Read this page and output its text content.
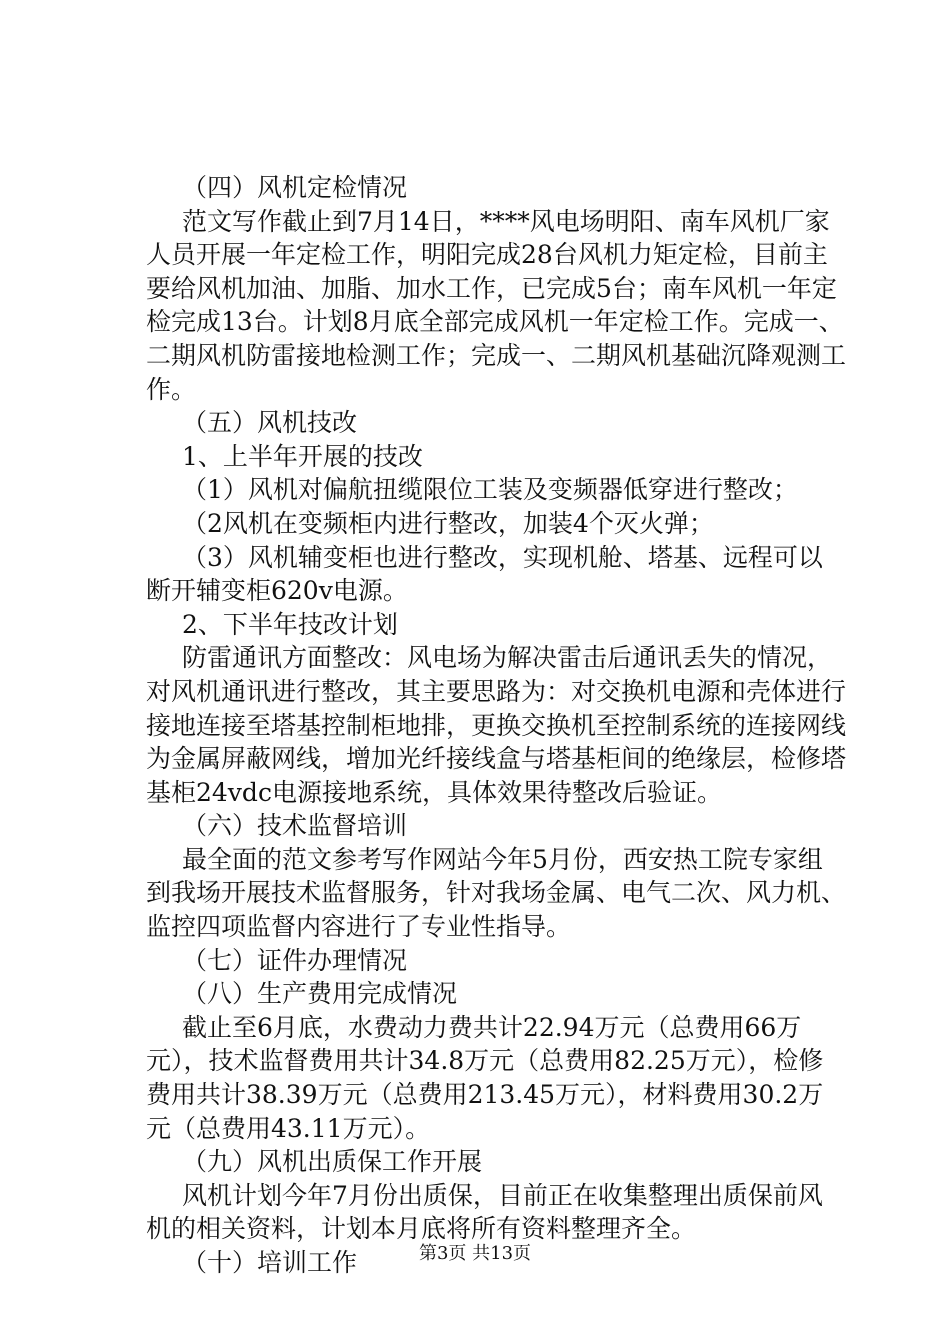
（四）风机定检情况

范文写作截止到7月14日，****风电场明阳、南车风机厂家人员开展一年定检工作，明阳完成28台风机力矩定检，目前主要给风机加油、加脂、加水工作，已完成5台；南车风机一年定检完成13台。计划8月底全部完成风机一年定检工作。完成一、二期风机防雷接地检测工作；完成一、二期风机基础沉降观测工作。

（五）风机技改

1、上半年开展的技改

（1）风机对偏航扭缆限位工装及变频器低穿进行整改；

（2风机在变频柜内进行整改，加装4个灭火弹；

（3）风机辅变柜也进行整改，实现机舱、塔基、远程可以断开辅变柜620v电源。

2、下半年技改计划

防雷通讯方面整改：风电场为解决雷击后通讯丢失的情况，对风机通讯进行整改，其主要思路为：对交换机电源和壳体进行接地连接至塔基控制柜地排，更换交换机至控制系统的连接网线为金属屏蔽网线，增加光纤接线盒与塔基柜间的绝缘层，检修塔基柜24vdc电源接地系统，具体效果待整改后验证。

（六）技术监督培训

最全面的范文参考写作网站今年5月份，西安热工院专家组到我场开展技术监督服务，针对我场金属、电气二次、风力机、监控四项监督内容进行了专业性指导。

（七）证件办理情况

（八）生产费用完成情况

截止至6月底，水费动力费共计22.94万元（总费用66万元），技术监督费用共计34.8万元（总费用82.25万元），检修费用共计38.39万元（总费用213.45万元），材料费用30.2万元（总费用43.11万元）。

（九）风机出质保工作开展

风机计划今年7月份出质保，目前正在收集整理出质保前风机的相关资料，计划本月底将所有资料整理齐全。

（十）培训工作	第3页 共13页
